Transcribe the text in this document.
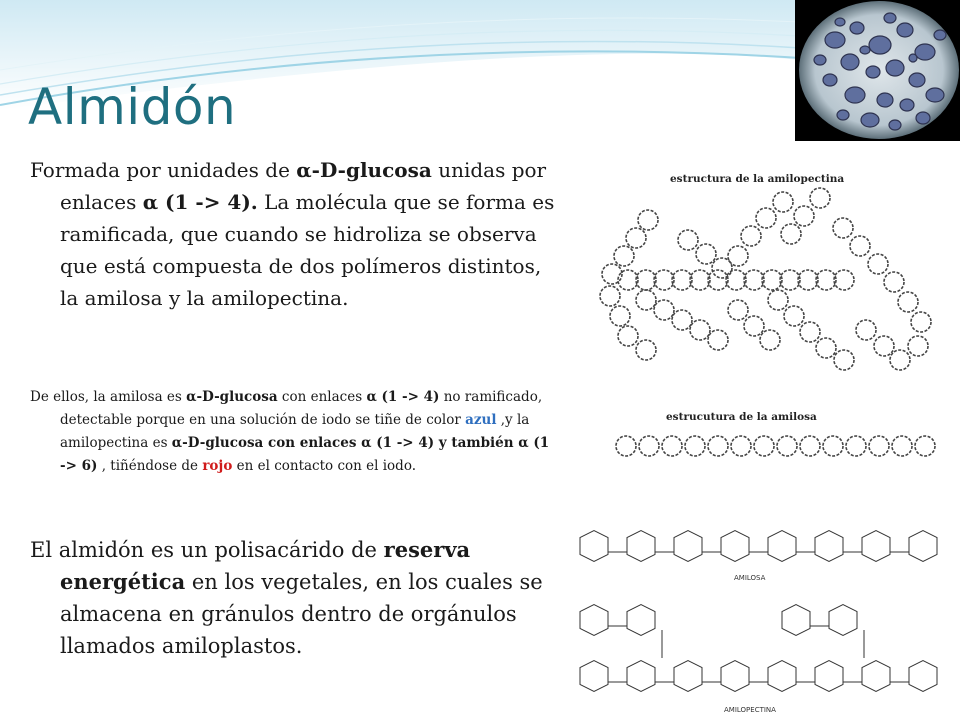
Almidón

Formada por unidades de α-D-glucosa unidas por enlaces α (1 -> 4). La molécula que se forma es ramificada, que cuando se hidroliza se observa que está compuesta de dos polímeros distintos, la amilosa y la amilopectina.

De ellos, la amilosa es α-D-glucosa con enlaces α (1 -> 4) no ramificado, detectable porque en una solución de iodo se tiñe de color azul ,y la amilopectina es α-D-glucosa con enlaces α (1 -> 4) y también α (1 -> 6) , tiñéndose de rojo en el contacto con el iodo.

El almidón es un polisacárido de reserva energética en los vegetales, en los cuales se almacena en gránulos dentro de orgánulos llamados amiloplastos.

estructura de la amilopectina
estrucutura de la amilosa
AMILOSA
AMILOPECTINA
